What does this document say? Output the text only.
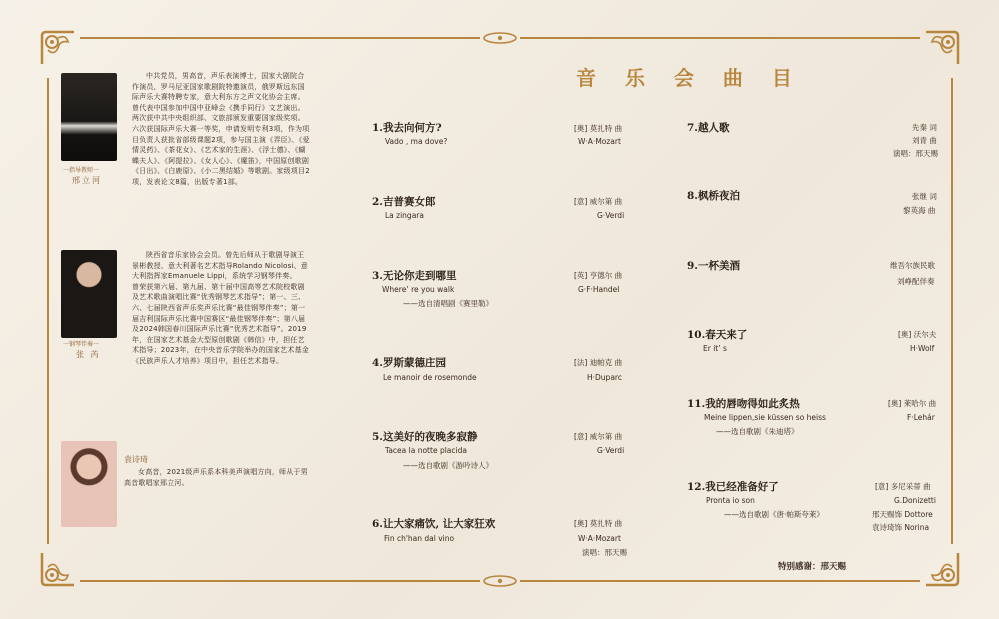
音 乐 会 曲 目
一指导教师一
邢立河
中共党员，男高音，声乐表演博士，国家大剧院合作演员，罗马尼亚国家歌剧院特邀演员，俄罗斯远东国际声乐大赛特聘专家，意大利东方之声文化协会主席。曾代表中国参加中国中亚峰会《携手同行》文艺演出。两次获中共中央组织部、文旅部颁发重要国家级奖项。六次获国际声乐大赛一等奖，申请发明专利3项，作为项目负责人获批省部级课题2项，参与国主演《弄臣》、《爱情灵药》、《茶花女》、《艺术家的生涯》、《浮士德》、《蝴蝶夫人》、《阿提拉》、《女人心》、《魔笛》，中国原创歌剧《日出》、《白鹿原》、《小二黑结婚》等歌剧。家级项目2项，发表论文8篇，出版专著1部。
一钢琴伴奏一
张 芮
陕西省音乐家协会会员。曾先后师从于歌剧导演王景彬教授、意大利著名艺术指导Rolando Nicolosi、意大利指挥家Emanuele Lippi，系统学习钢琴伴奏。
曾荣获第六届、第九届、第十届中国高等艺术院校歌剧及艺术歌曲演唱比赛“优秀钢琴艺术指导”；第一、三、六、七届陕西省声乐奖声乐比赛“最佳钢琴伴奏”；第一届吉利国际声乐比赛中国赛区“最佳钢琴伴奏”；第八届及2024韩国春川国际声乐比赛“优秀艺术指导”。2019年，在国家艺术基金大型原创歌剧《韩信》中，担任艺术指导；2023年，在中央音乐学院举办的国家艺术基金《民族声乐人才培养》项目中，担任艺术指导。
袁诗琦
女高音，2021级声乐系本科美声演唱方向，师从于男高音歌唱家邢立河。
1.我去向何方?
Vado , ma dove?
[奥] 莫扎特 曲
W·A·Mozart
2.吉普赛女郎
La zingara
[意] 威尔第 曲
G·Verdi
3.无论你走到哪里
Where’ re you walk
——选自清唱剧《赛里勒》
[英] 亨德尔 曲
G·F·Handel
4.罗斯蒙德庄园
Le manoir de rosemonde
[法] 迪帕克 曲
H·Duparc
5.这美好的夜晚多寂静
Tacea la notte placida
——选自歌剧《游吟诗人》
[意] 威尔第 曲
G·Verdi
6.让大家痛饮, 让大家狂欢
Fin ch'han dal vino
[奥] 莫扎特 曲
W·A·Mozart
演唱：邢天赐
7.越人歌	先秦 词
刘青 曲
演唱：邢天赐
8.枫桥夜泊	张继 词
黎英海 曲
9.一杯美酒	维吾尔族民歌
刘峥配伴奏
10.春天来了
Er it’ s
[奥] 沃尔夫
H·Wolf
11.我的唇吻得如此炙热
Meine lippen,sie küssen so heiss
——选自歌剧《朱迪塔》
[奥] 莱哈尔 曲
F·Lehár
12.我已经准备好了
Pronta io son
——选自歌剧《唐·帕斯夸莱》
[意] 多尼采蒂 曲
G.Donizetti
邢天赐饰 Dottore
袁诗琦饰 Norina
特别感谢：邢天赐
